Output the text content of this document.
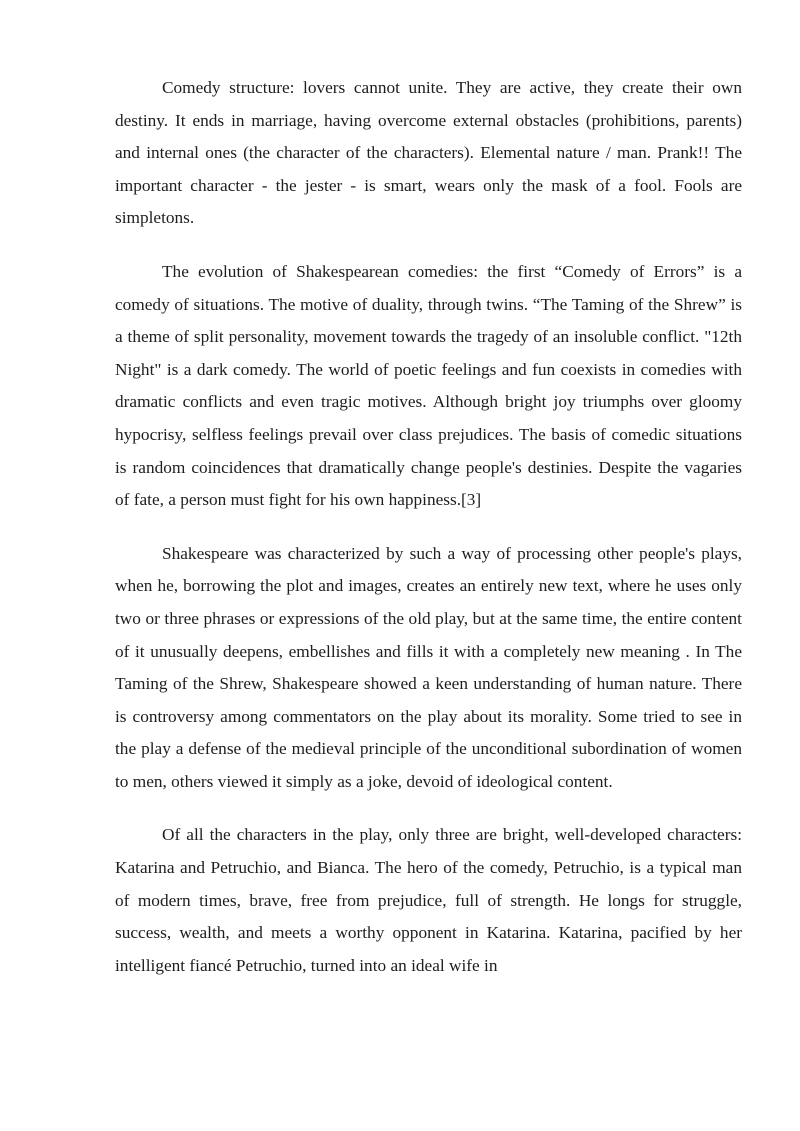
Comedy structure: lovers cannot unite. They are active, they create their own destiny. It ends in marriage, having overcome external obstacles (prohibitions, parents) and internal ones (the character of the characters). Elemental nature / man. Prank!! The important character - the jester - is smart, wears only the mask of a fool. Fools are simpletons.

The evolution of Shakespearean comedies: the first “Comedy of Errors” is a comedy of situations. The motive of duality, through twins. “The Taming of the Shrew” is a theme of split personality, movement towards the tragedy of an insoluble conflict. "12th Night" is a dark comedy. The world of poetic feelings and fun coexists in comedies with dramatic conflicts and even tragic motives. Although bright joy triumphs over gloomy hypocrisy, selfless feelings prevail over class prejudices. The basis of comedic situations is random coincidences that dramatically change people's destinies. Despite the vagaries of fate, a person must fight for his own happiness.[3]

Shakespeare was characterized by such a way of processing other people's plays, when he, borrowing the plot and images, creates an entirely new text, where he uses only two or three phrases or expressions of the old play, but at the same time, the entire content of it unusually deepens, embellishes and fills it with a completely new meaning . In The Taming of the Shrew, Shakespeare showed a keen understanding of human nature. There is controversy among commentators on the play about its morality. Some tried to see in the play a defense of the medieval principle of the unconditional subordination of women to men, others viewed it simply as a joke, devoid of ideological content.

Of all the characters in the play, only three are bright, well-developed characters: Katarina and Petruchio, and Bianca. The hero of the comedy, Petruchio, is a typical man of modern times, brave, free from prejudice, full of strength. He longs for struggle, success, wealth, and meets a worthy opponent in Katarina. Katarina, pacified by her intelligent fiancé Petruchio, turned into an ideal wife in
